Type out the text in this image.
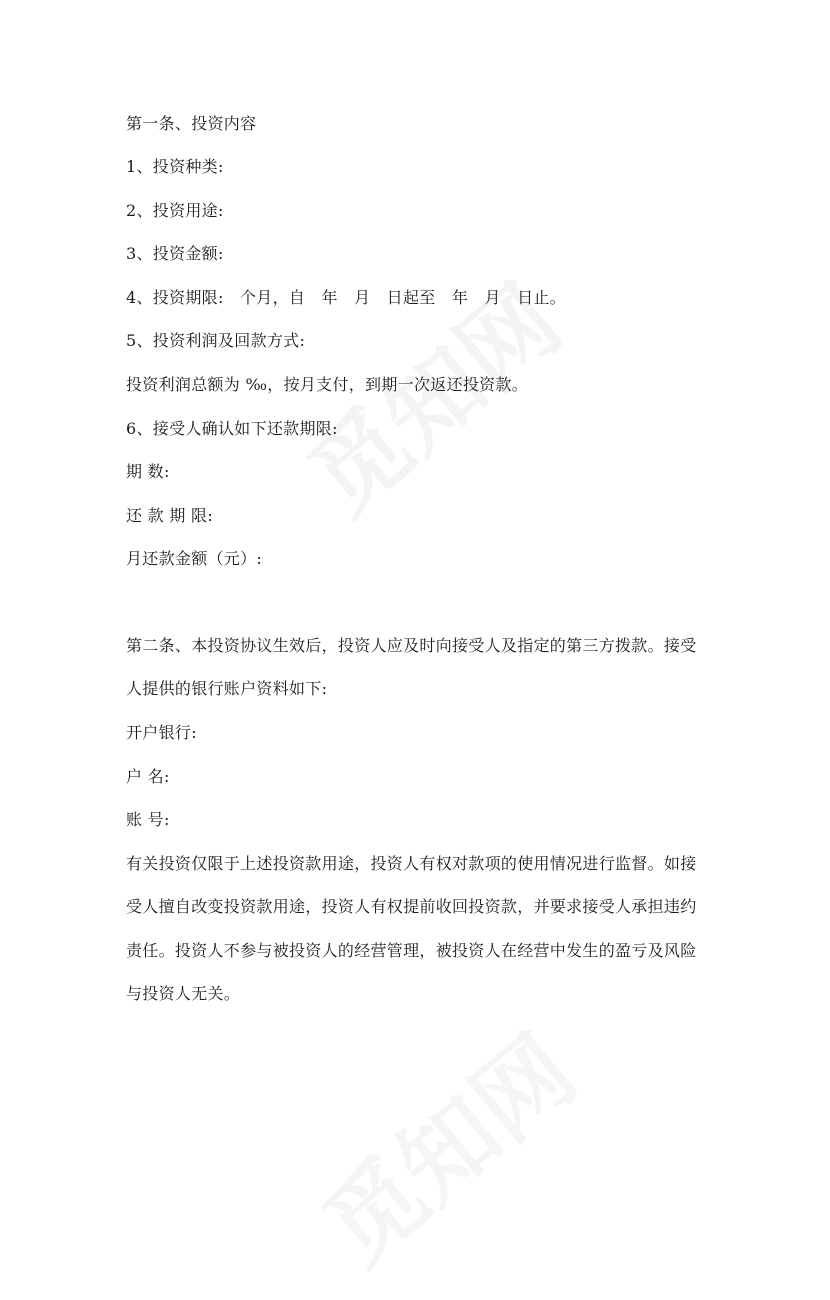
第一条、投资内容
1、投资种类:
2、投资用途:
3、投资金额:
4、投资期限:　个月，自　年　月　日起至　年　月　日止。
5、投资利润及回款方式:
投资利润总额为 ‰，按月支付，到期一次返还投资款。
6、接受人确认如下还款期限:
期 数:
还 款 期 限:
月还款金额（元）:
第二条、本投资协议生效后，投资人应及时向接受人及指定的第三方拨款。接受
人提供的银行账户资料如下:
开户银行:
户 名:
账 号:
有关投资仅限于上述投资款用途，投资人有权对款项的使用情况进行监督。如接
受人擅自改变投资款用途，投资人有权提前收回投资款，并要求接受人承担违约
责任。投资人不参与被投资人的经营管理，被投资人在经营中发生的盈亏及风险
与投资人无关。
